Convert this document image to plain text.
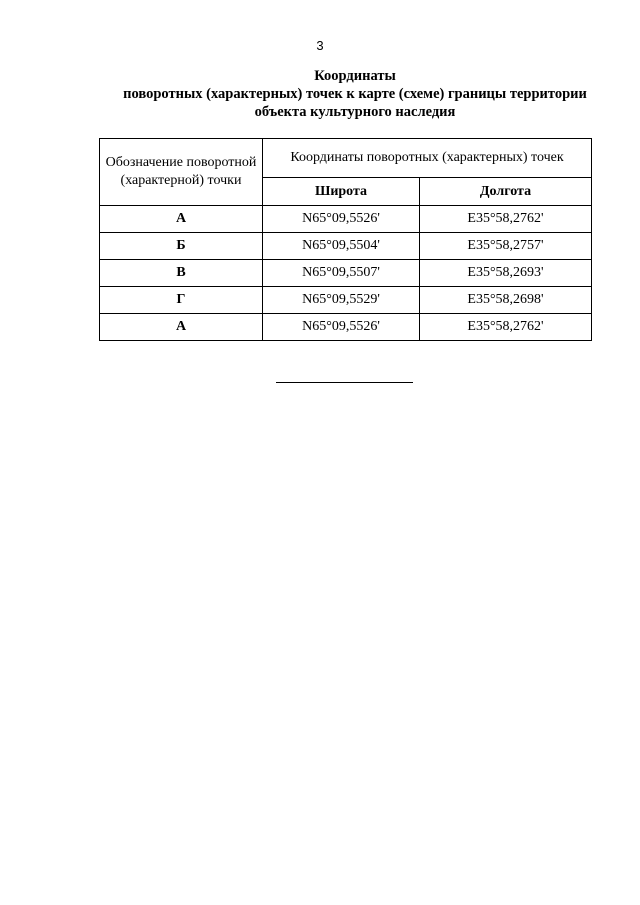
3
Координаты
поворотных (характерных) точек к карте (схеме) границы территории
объекта культурного наследия
Обозначение поворотной (характерной) точки	Координаты поворотных (характерных) точек	
	Широта	Долгота
А	N65°09,5526'	E35°58,2762'
Б	N65°09,5504'	E35°58,2757'
В	N65°09,5507'	E35°58,2693'
Г	N65°09,5529'	E35°58,2698'
А	N65°09,5526'	E35°58,2762'
